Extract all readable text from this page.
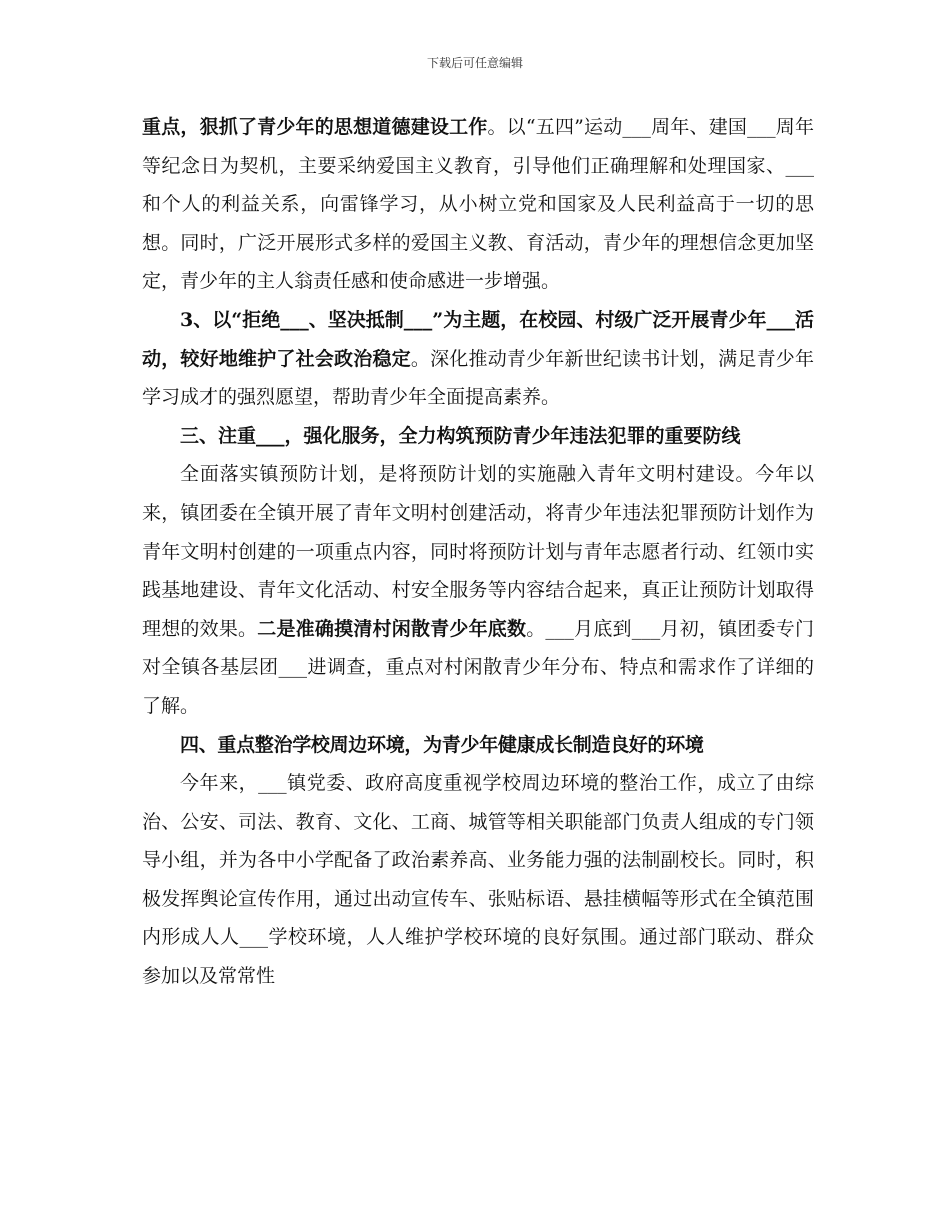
下载后可任意编辑

重点，狠抓了青少年的思想道德建设工作。以“五四”运动___周年、建国___周年等纪念日为契机，主要采纳爱国主义教育，引导他们正确理解和处理国家、___和个人的利益关系，向雷锋学习，从小树立党和国家及人民利益高于一切的思想。同时，广泛开展形式多样的爱国主义教、育活动，青少年的理想信念更加坚定，青少年的主人翁责任感和使命感进一步增强。

3、以“拒绝___、坚决抵制___”为主题，在校园、村级广泛开展青少年___活动，较好地维护了社会政治稳定。深化推动青少年新世纪读书计划，满足青少年学习成才的强烈愿望，帮助青少年全面提高素养。

三、注重___，强化服务，全力构筑预防青少年违法犯罪的重要防线

全面落实镇预防计划，是将预防计划的实施融入青年文明村建设。今年以来，镇团委在全镇开展了青年文明村创建活动，将青少年违法犯罪预防计划作为青年文明村创建的一项重点内容，同时将预防计划与青年志愿者行动、红领巾实践基地建设、青年文化活动、村安全服务等内容结合起来，真正让预防计划取得理想的效果。二是准确摸清村闲散青少年底数。___月底到___月初，镇团委专门对全镇各基层团___进调查，重点对村闲散青少年分布、特点和需求作了详细的了解。

四、重点整治学校周边环境，为青少年健康成长制造良好的环境

今年来，___镇党委、政府高度重视学校周边环境的整治工作，成立了由综治、公安、司法、教育、文化、工商、城管等相关职能部门负责人组成的专门领导小组，并为各中小学配备了政治素养高、业务能力强的法制副校长。同时，积极发挥舆论宣传作用，通过出动宣传车、张贴标语、悬挂横幅等形式在全镇范围内形成人人___学校环境，人人维护学校环境的良好氛围。通过部门联动、群众参加以及常常性
